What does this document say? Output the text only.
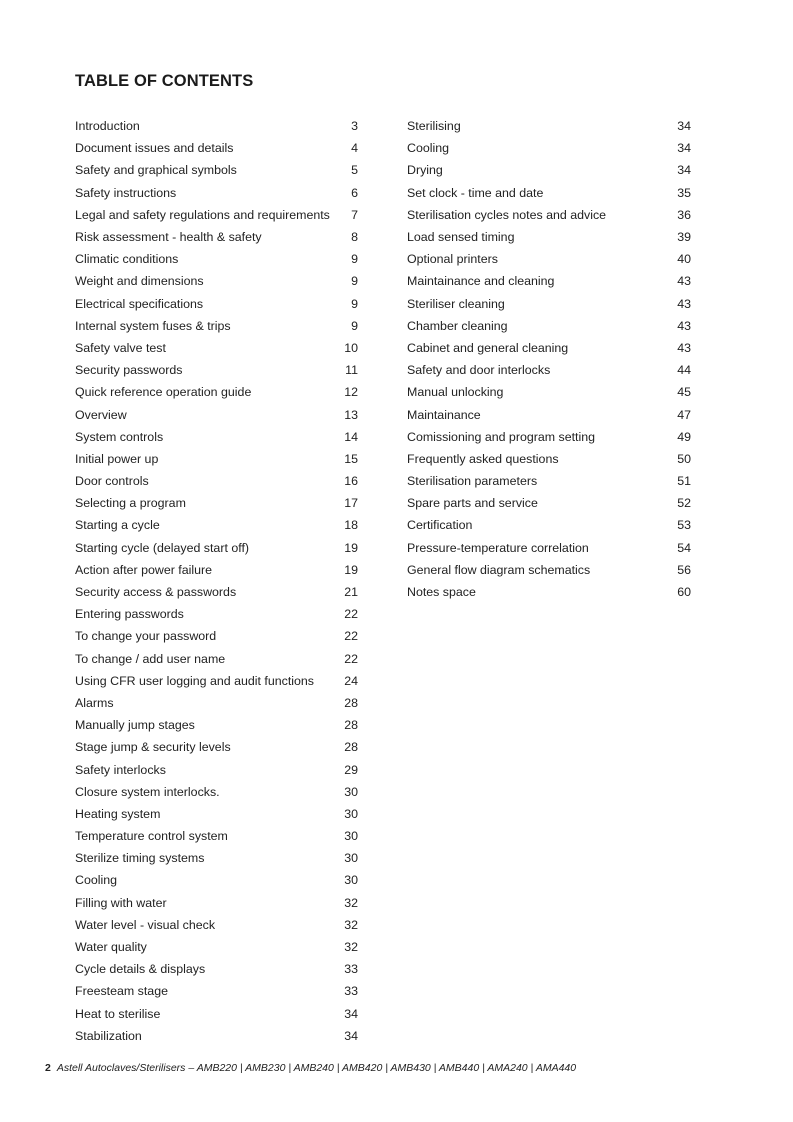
TABLE OF CONTENTS
Introduction	3
Document issues and details	4
Safety and graphical symbols	5
Safety instructions	6
Legal and safety regulations and requirements 7
Risk assessment - health & safety	8
Climatic conditions	9
Weight and dimensions	9
Electrical specifications	9
Internal system fuses & trips	9
Safety valve test	10
Security passwords	11
Quick reference operation guide	12
Overview	13
System controls	14
Initial power up	15
Door controls	16
Selecting a program	17
Starting a cycle	18
Starting cycle (delayed start off)	19
Action after power failure	19
Security access & passwords	21
Entering passwords	22
To change your password	22
To change / add user name	22
Using CFR user logging and audit functions 24
Alarms	28
Manually jump stages	28
Stage jump & security levels	28
Safety interlocks	29
Closure system interlocks.	30
Heating system	30
Temperature control system	30
Sterilize timing systems	30
Cooling	30
Filling with water	32
Water level - visual check	32
Water quality	32
Cycle details & displays	33
Freesteam stage	33
Heat to sterilise	34
Stabilization	34
Sterilising	34
Cooling	34
Drying	34
Set clock - time and date	35
Sterilisation cycles notes and advice	36
Load sensed timing	39
Optional printers	40
Maintainance and cleaning	43
Steriliser cleaning	43
Chamber cleaning	43
Cabinet and general cleaning	43
Safety and door interlocks	44
Manual unlocking	45
Maintainance	47
Comissioning and program setting	49
Frequently asked questions	50
Sterilisation parameters	51
Spare parts and service	52
Certification	53
Pressure-temperature correlation	54
General flow diagram schematics	56
Notes space	60
2 Astell Autoclaves/Sterilisers – AMB220 | AMB230 | AMB240 | AMB420 | AMB430 | AMB440 | AMA240 | AMA440
